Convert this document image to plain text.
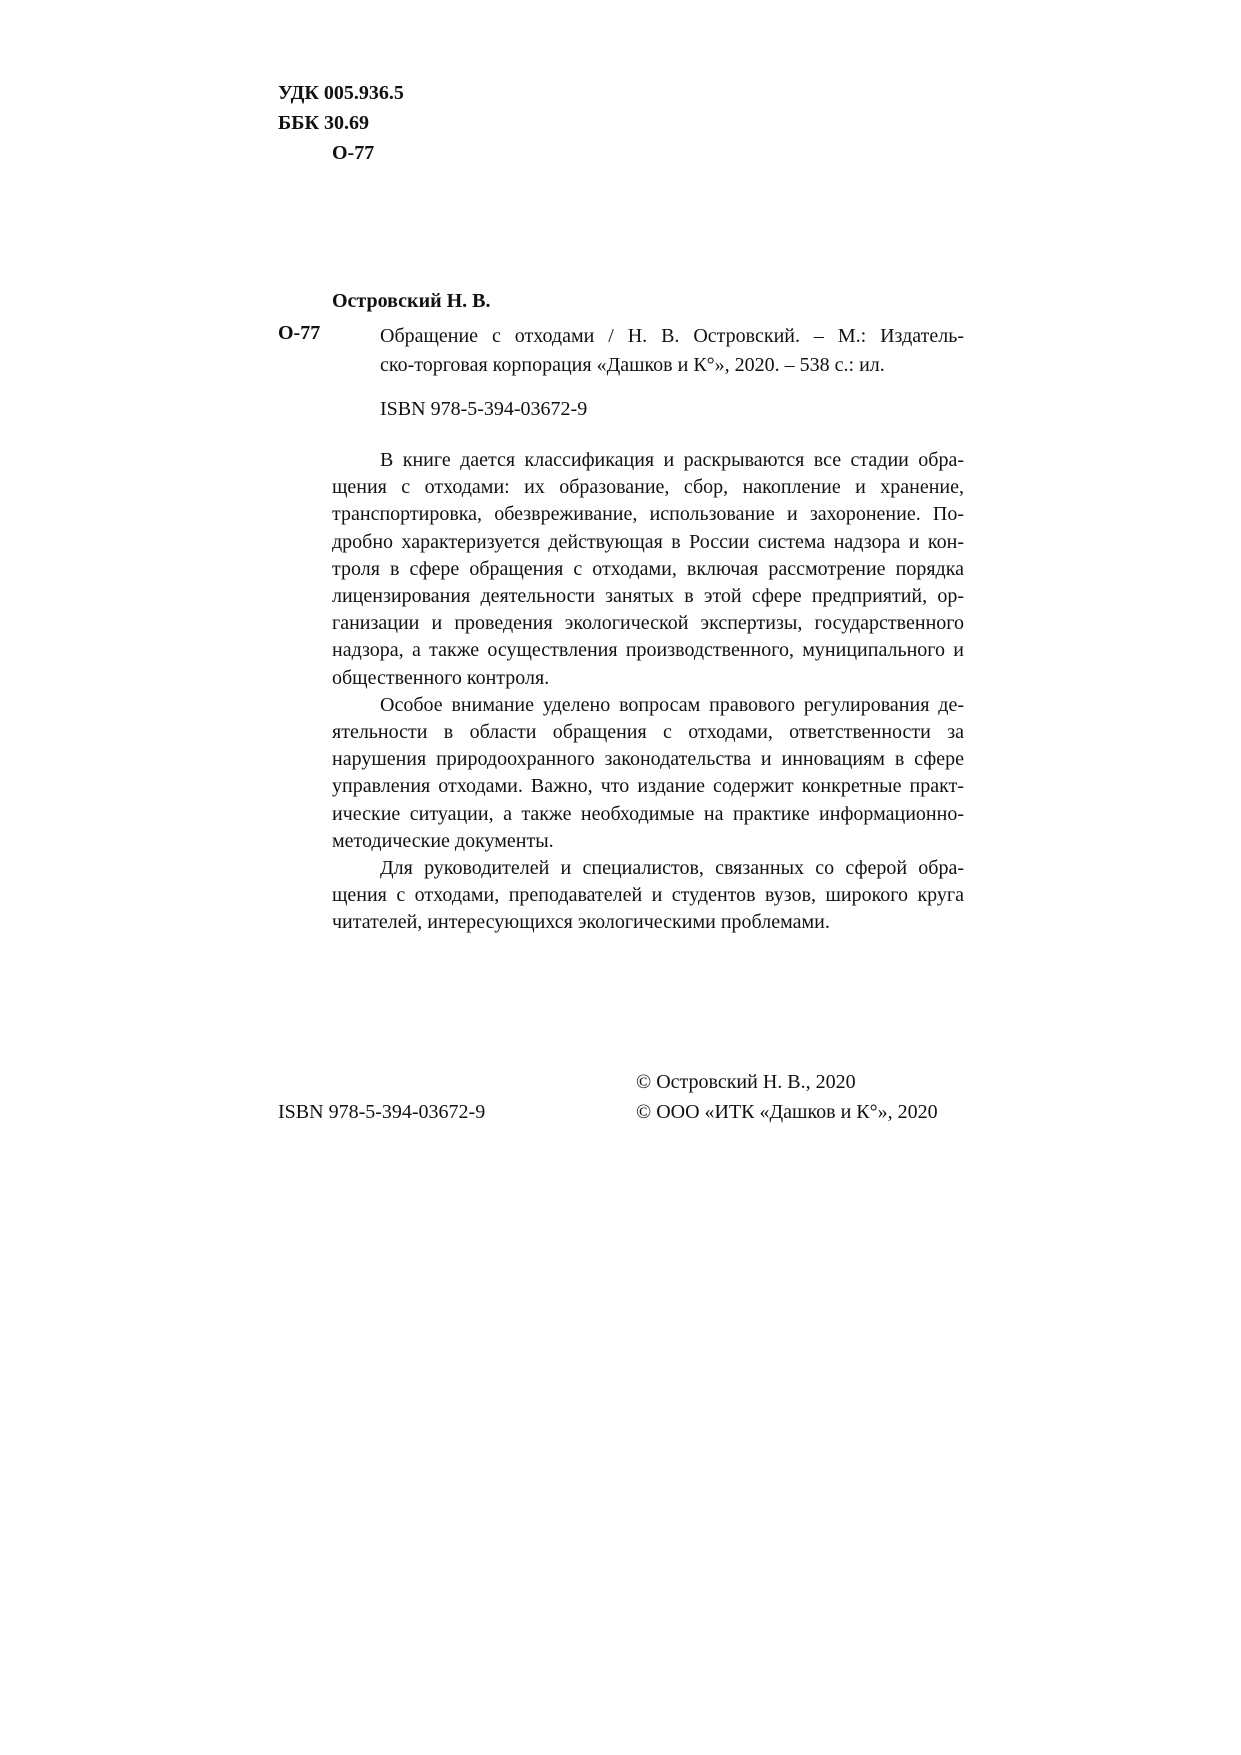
УДК 005.936.5
ББК 30.69
О-77
Островский Н. В.
О-77	Обращение с отходами / Н. В. Островский. – М.: Издатель-
ско-торговая корпорация «Дашков и К°», 2020. – 538 с.: ил.
ISBN 978-5-394-03672-9
В книге дается классификация и раскрываются все стадии обра-
щения с отходами: их образование, сбор, накопление и хранение,
транспортировка, обезвреживание, использование и захоронение. По-
дробно характеризуется действующая в России система надзора и кон-
троля в сфере обращения с отходами, включая рассмотрение порядка
лицензирования деятельности занятых в этой сфере предприятий, ор-
ганизации и проведения экологической экспертизы, государственного
надзора, а также осуществления производственного, муниципального и
общественного контроля.
Особое внимание уделено вопросам правового регулирования де-
ятельности в области обращения с отходами, ответственности за
нарушения природоохранного законодательства и инновациям в сфере
управления отходами. Важно, что издание содержит конкретные практ-
ические ситуации, а также необходимые на практике информационно-
методические документы.
Для руководителей и специалистов, связанных со сферой обра-
щения с отходами, преподавателей и студентов вузов, широкого круга
читателей, интересующихся экологическими проблемами.
© Островский Н. В., 2020
ISBN 978-5-394-03672-9	© ООО «ИТК «Дашков и К°», 2020
